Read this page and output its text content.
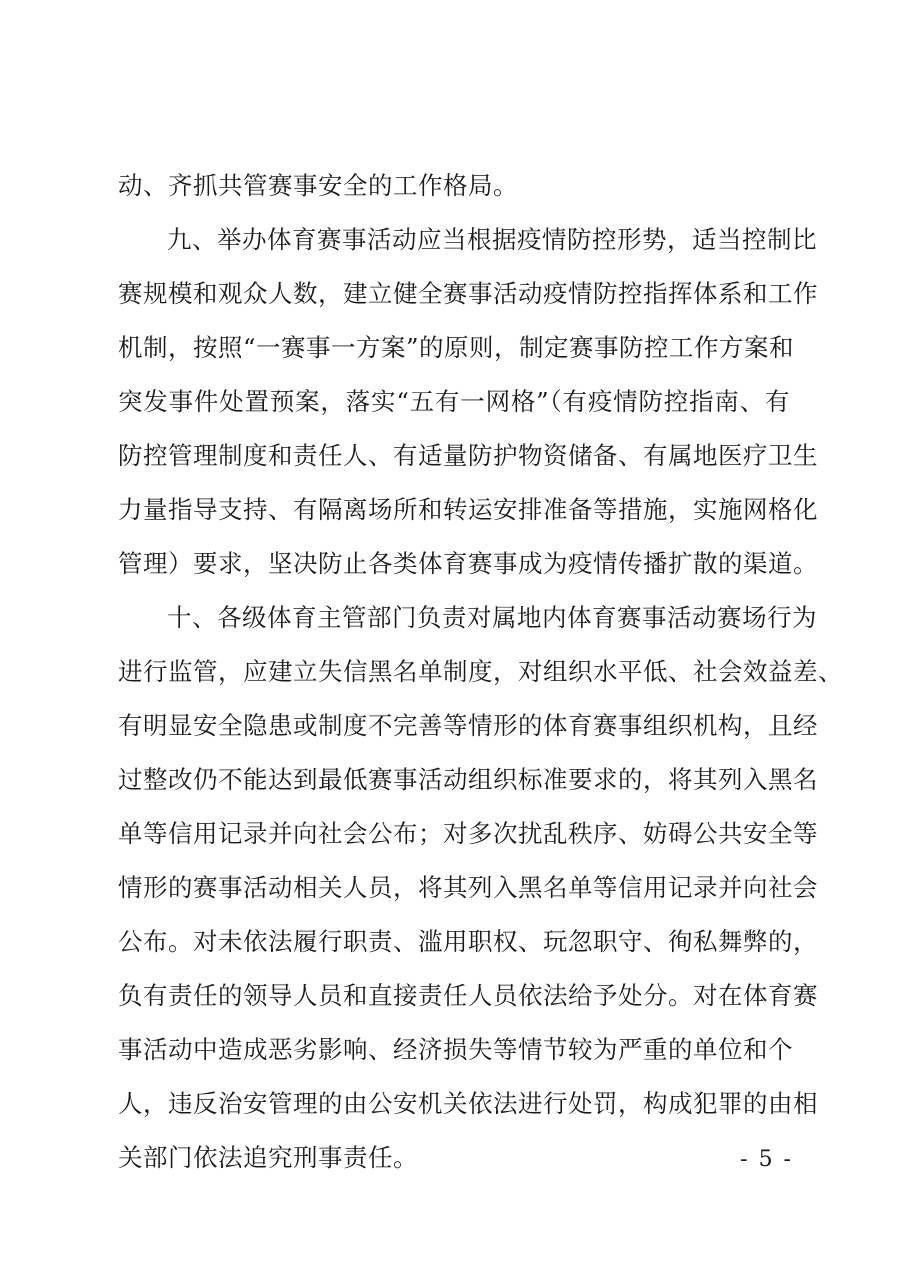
动、齐抓共管赛事安全的工作格局。
九、举办体育赛事活动应当根据疫情防控形势，适当控制比
赛规模和观众人数，建立健全赛事活动疫情防控指挥体系和工作
机制，按照“一赛事一方案”的原则，制定赛事防控工作方案和
突发事件处置预案，落实“五有一网格”（有疫情防控指南、有
防控管理制度和责任人、有适量防护物资储备、有属地医疗卫生
力量指导支持、有隔离场所和转运安排准备等措施，实施网格化
管理）要求，坚决防止各类体育赛事成为疫情传播扩散的渠道。
十、各级体育主管部门负责对属地内体育赛事活动赛场行为
进行监管，应建立失信黑名单制度，对组织水平低、社会效益差、
有明显安全隐患或制度不完善等情形的体育赛事组织机构，且经
过整改仍不能达到最低赛事活动组织标准要求的，将其列入黑名
单等信用记录并向社会公布；对多次扰乱秩序、妨碍公共安全等
情形的赛事活动相关人员，将其列入黑名单等信用记录并向社会
公布。对未依法履行职责、滥用职权、玩忽职守、徇私舞弊的，
负有责任的领导人员和直接责任人员依法给予处分。对在体育赛
事活动中造成恶劣影响、经济损失等情节较为严重的单位和个
人，违反治安管理的由公安机关依法进行处罚，构成犯罪的由相
关部门依法追究刑事责任。	- 5 -
